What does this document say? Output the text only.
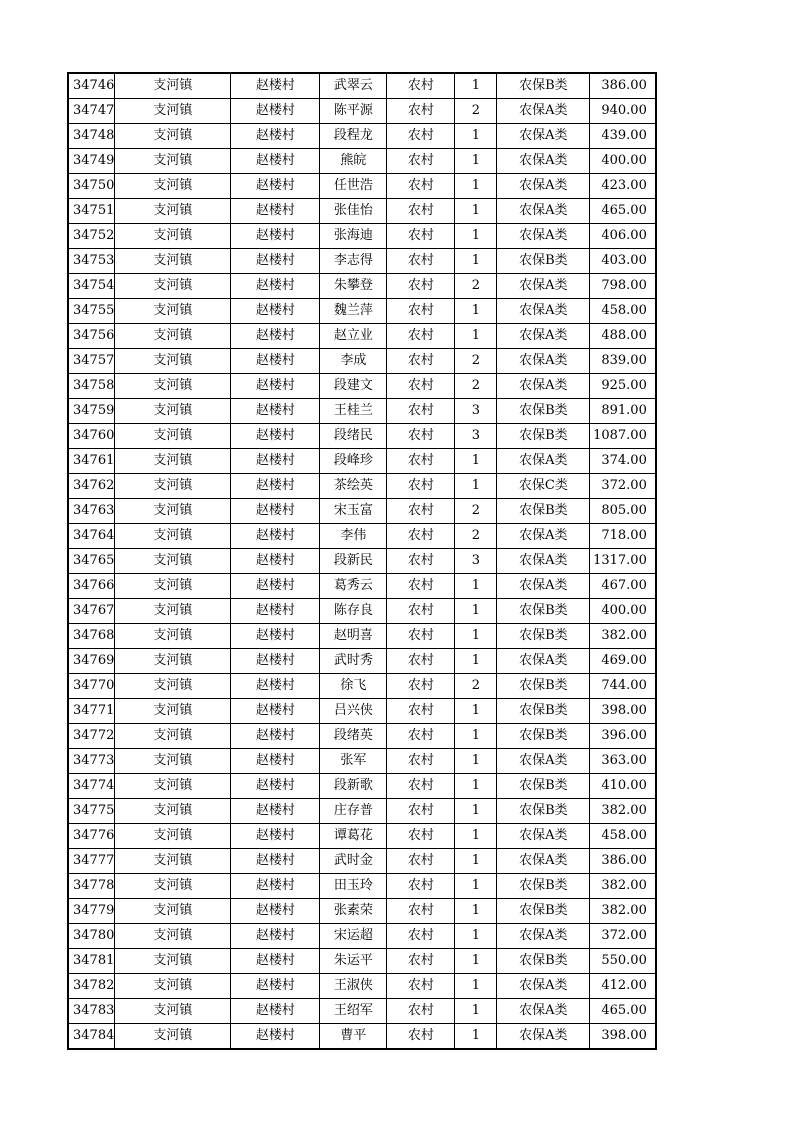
34746	支河镇	赵楼村	武翠云	农村	1	农保B类	386.00
34747	支河镇	赵楼村	陈平源	农村	2	农保A类	940.00
34748	支河镇	赵楼村	段程龙	农村	1	农保A类	439.00
34749	支河镇	赵楼村	熊皖	农村	1	农保A类	400.00
34750	支河镇	赵楼村	任世浩	农村	1	农保A类	423.00
34751	支河镇	赵楼村	张佳怡	农村	1	农保A类	465.00
34752	支河镇	赵楼村	张海迪	农村	1	农保A类	406.00
34753	支河镇	赵楼村	李志得	农村	1	农保B类	403.00
34754	支河镇	赵楼村	朱攀登	农村	2	农保A类	798.00
34755	支河镇	赵楼村	魏兰萍	农村	1	农保A类	458.00
34756	支河镇	赵楼村	赵立业	农村	1	农保A类	488.00
34757	支河镇	赵楼村	李成	农村	2	农保A类	839.00
34758	支河镇	赵楼村	段建文	农村	2	农保A类	925.00
34759	支河镇	赵楼村	王桂兰	农村	3	农保B类	891.00
34760	支河镇	赵楼村	段绪民	农村	3	农保B类	1087.00
34761	支河镇	赵楼村	段峰珍	农村	1	农保A类	374.00
34762	支河镇	赵楼村	茶绘英	农村	1	农保C类	372.00
34763	支河镇	赵楼村	宋玉富	农村	2	农保B类	805.00
34764	支河镇	赵楼村	李伟	农村	2	农保A类	718.00
34765	支河镇	赵楼村	段新民	农村	3	农保A类	1317.00
34766	支河镇	赵楼村	葛秀云	农村	1	农保A类	467.00
34767	支河镇	赵楼村	陈存良	农村	1	农保B类	400.00
34768	支河镇	赵楼村	赵明喜	农村	1	农保B类	382.00
34769	支河镇	赵楼村	武时秀	农村	1	农保A类	469.00
34770	支河镇	赵楼村	徐飞	农村	2	农保B类	744.00
34771	支河镇	赵楼村	吕兴侠	农村	1	农保B类	398.00
34772	支河镇	赵楼村	段绪英	农村	1	农保B类	396.00
34773	支河镇	赵楼村	张军	农村	1	农保A类	363.00
34774	支河镇	赵楼村	段新歌	农村	1	农保B类	410.00
34775	支河镇	赵楼村	庄存普	农村	1	农保B类	382.00
34776	支河镇	赵楼村	谭葛花	农村	1	农保A类	458.00
34777	支河镇	赵楼村	武时金	农村	1	农保A类	386.00
34778	支河镇	赵楼村	田玉玲	农村	1	农保B类	382.00
34779	支河镇	赵楼村	张素荣	农村	1	农保B类	382.00
34780	支河镇	赵楼村	宋运超	农村	1	农保A类	372.00
34781	支河镇	赵楼村	朱运平	农村	1	农保B类	550.00
34782	支河镇	赵楼村	王淑侠	农村	1	农保A类	412.00
34783	支河镇	赵楼村	王绍军	农村	1	农保A类	465.00
34784	支河镇	赵楼村	曹平	农村	1	农保A类	398.00
